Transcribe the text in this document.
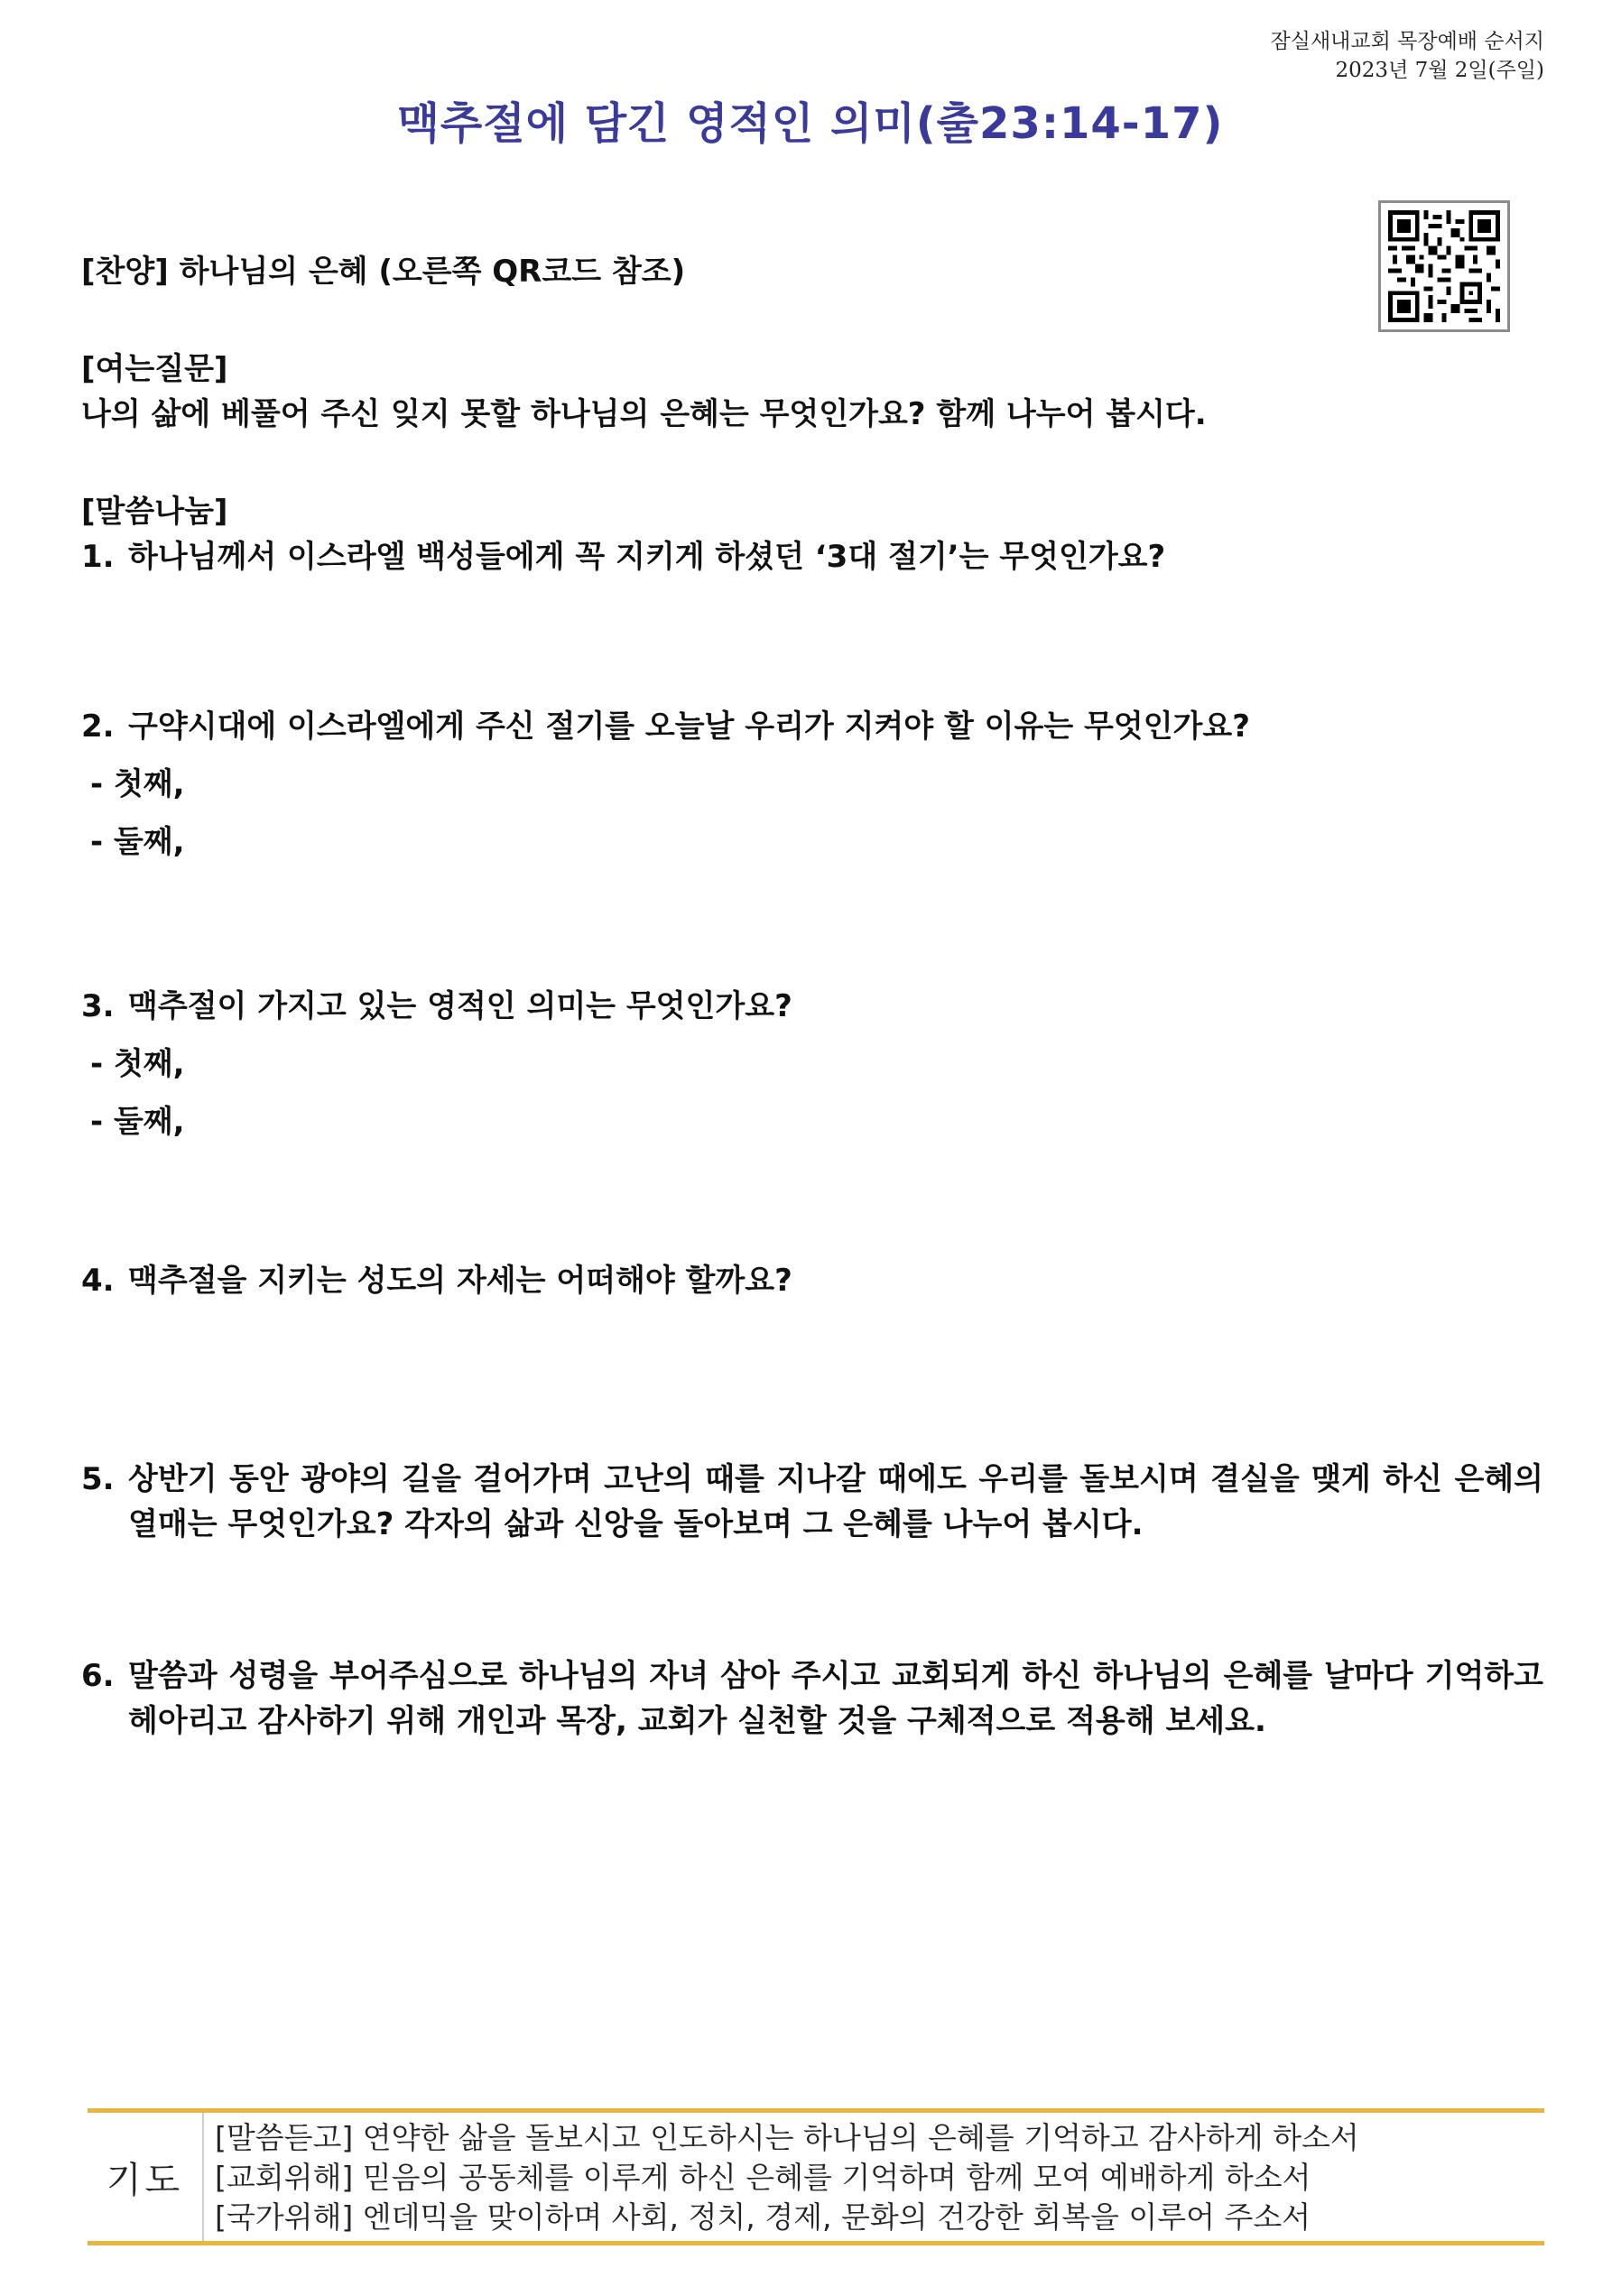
잠실새내교회 목장예배 순서지
2023년 7월 2일(주일)
맥추절에 담긴 영적인 의미(출23:14-17)

[찬양] 하나님의 은혜 (오른쪽 QR코드 참조)

[여는질문]

나의 삶에 베풀어 주신 잊지 못할 하나님의 은혜는 무엇인가요? 함께 나누어 봅시다.

[말씀나눔]

1. 하나님께서 이스라엘 백성들에게 꼭 지키게 하셨던 ‘3대 절기’는 무엇인가요?
2. 구약시대에 이스라엘에게 주신 절기를 오늘날 우리가 지켜야 할 이유는 무엇인가요?

- 첫째,

- 둘째,

3. 맥추절이 가지고 있는 영적인 의미는 무엇인가요?

- 첫째,

- 둘째,

4. 맥추절을 지키는 성도의 자세는 어떠해야 할까요?
5. 상반기 동안 광야의 길을 걸어가며 고난의 때를 지나갈 때에도 우리를 돌보시며 결실을 맺게 하신 은혜의 열매는 무엇인가요? 각자의 삶과 신앙을 돌아보며 그 은혜를 나누어 봅시다.
6. 말씀과 성령을 부어주심으로 하나님의 자녀 삼아 주시고 교회되게 하신 하나님의 은혜를 날마다 기억하고 헤아리고 감사하기 위해 개인과 목장, 교회가 실천할 것을 구체적으로 적용해 보세요.
기도
[말씀듣고] 연약한 삶을 돌보시고 인도하시는 하나님의 은혜를 기억하고 감사하게 하소서
[교회위해] 믿음의 공동체를 이루게 하신 은혜를 기억하며 함께 모여 예배하게 하소서
[국가위해] 엔데믹을 맞이하며 사회, 정치, 경제, 문화의 건강한 회복을 이루어 주소서
